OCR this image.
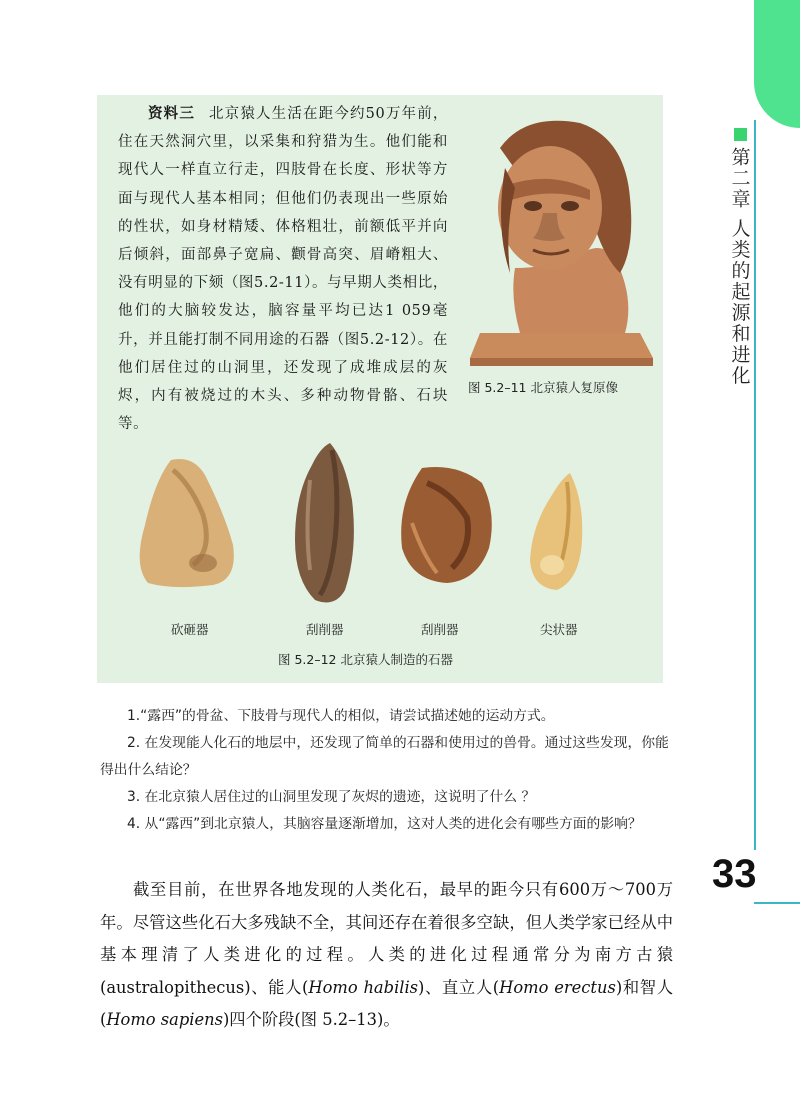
第二章 人类的起源和进化
33
资料三 北京猿人生活在距今约50万年前，住在天然洞穴里，以采集和狩猎为生。他们能和现代人一样直立行走，四肢骨在长度、形状等方面与现代人基本相同；但他们仍表现出一些原始的性状，如身材精矮、体格粗壮，前额低平并向后倾斜，面部鼻子宽扁、颧骨高突、眉嵴粗大、没有明显的下颏（图5.2-11）。与早期人类相比，他们的大脑较发达，脑容量平均已达1 059毫升，并且能打制不同用途的石器（图5.2-12）。在他们居住过的山洞里，还发现了成堆成层的灰烬，内有被烧过的木头、多种动物骨骼、石块等。
图 5.2–11 北京猿人复原像
砍砸器	刮削器	刮削器	尖状器
图 5.2–12 北京猿人制造的石器

1.“露西”的骨盆、下肢骨与现代人的相似，请尝试描述她的运动方式。

2. 在发现能人化石的地层中，还发现了简单的石器和使用过的兽骨。通过这些发现，你能得出什么结论？

3. 在北京猿人居住过的山洞里发现了灰烬的遗迹，这说明了什么 ？

4. 从“露西”到北京猿人，其脑容量逐渐增加，这对人类的进化会有哪些方面的影响？

截至目前，在世界各地发现的人类化石，最早的距今只有600万～700万年。尽管这些化石大多残缺不全，其间还存在着很多空缺，但人类学家已经从中基本理清了人类进化的过程。人类的进化过程通常分为南方古猿(australopithecus)、能人(Homo habilis)、直立人(Homo erectus)和智人(Homo sapiens)四个阶段(图 5.2–13)。
